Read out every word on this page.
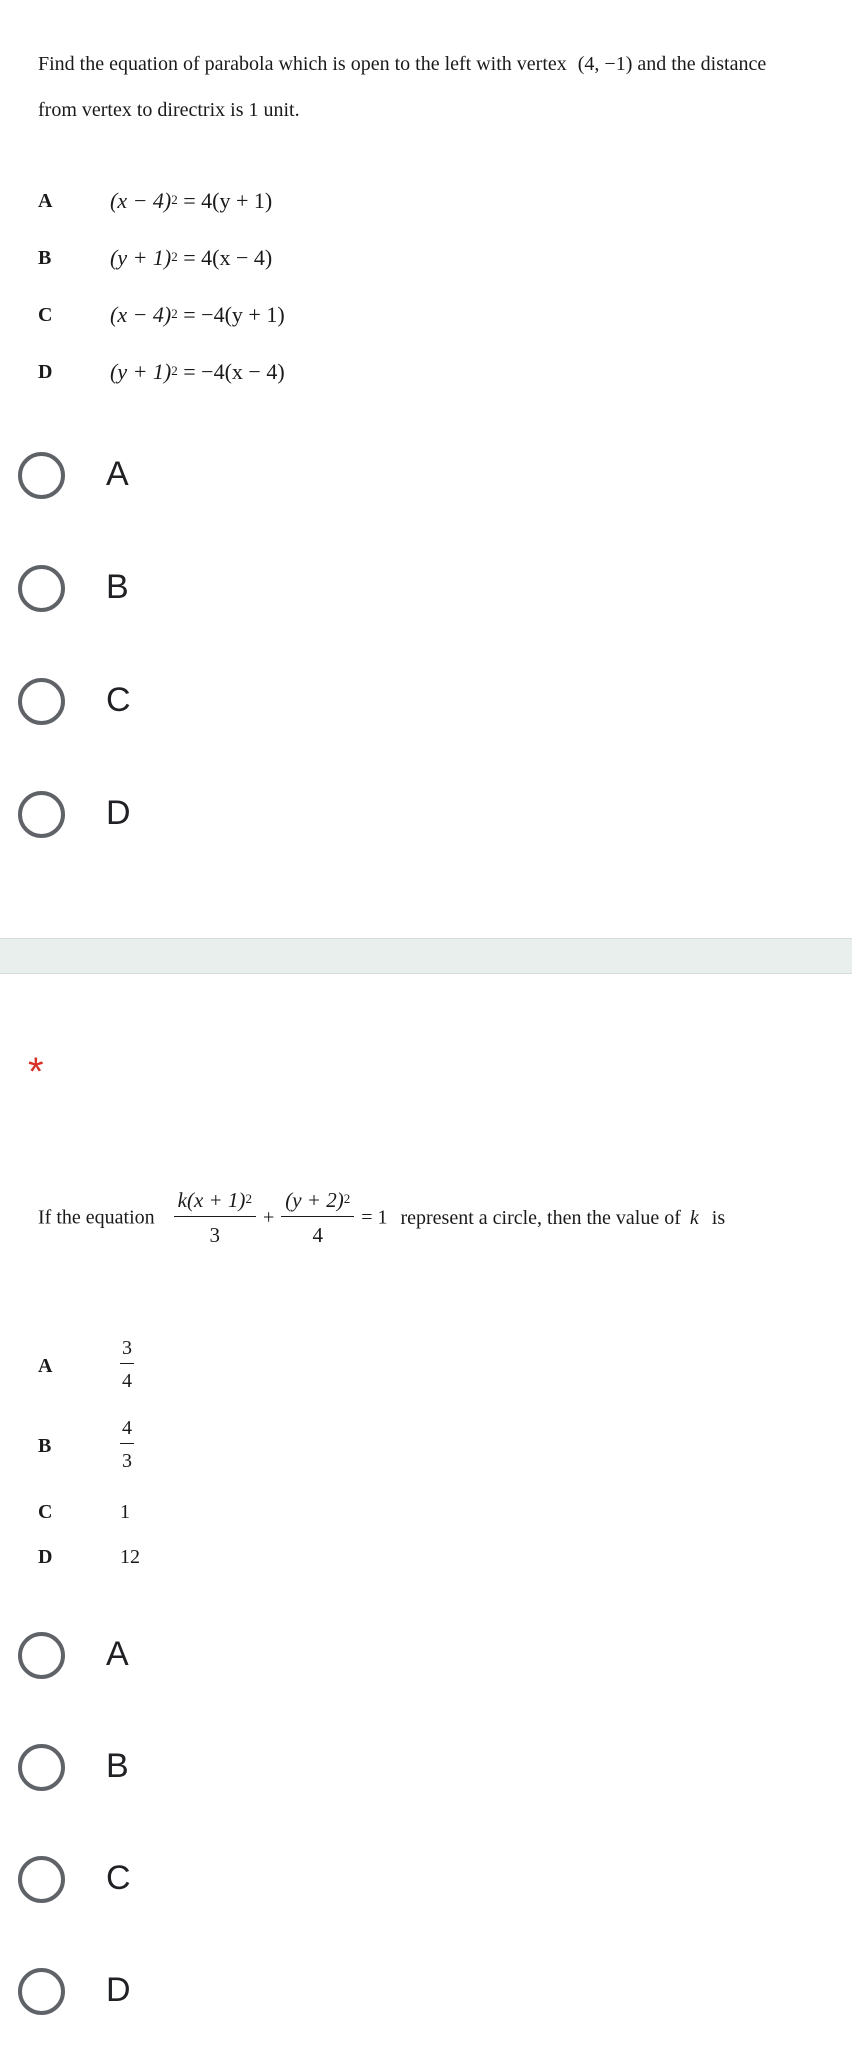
Find the equation of parabola which is open to the left with vertex (4, −1) and the distance
from vertex to directrix is 1 unit.
A	$(x - 4)^2 = 4(y + 1)$
B	$(y + 1)^2 = 4(x - 4)$
C	$(x - 4)^2 = -4(y + 1)$
D	$(y + 1)^2 = -4(x - 4)$
A
B
C
D
*
If the equation $\frac{k(x + 1)^2}{3} + \frac{(y + 2)^2}{4} = 1$ represent a circle, then the value of k is
A	$\frac{3}{4}$
B	$\frac{4}{3}$
C	1
D	12
A
B
C
D
